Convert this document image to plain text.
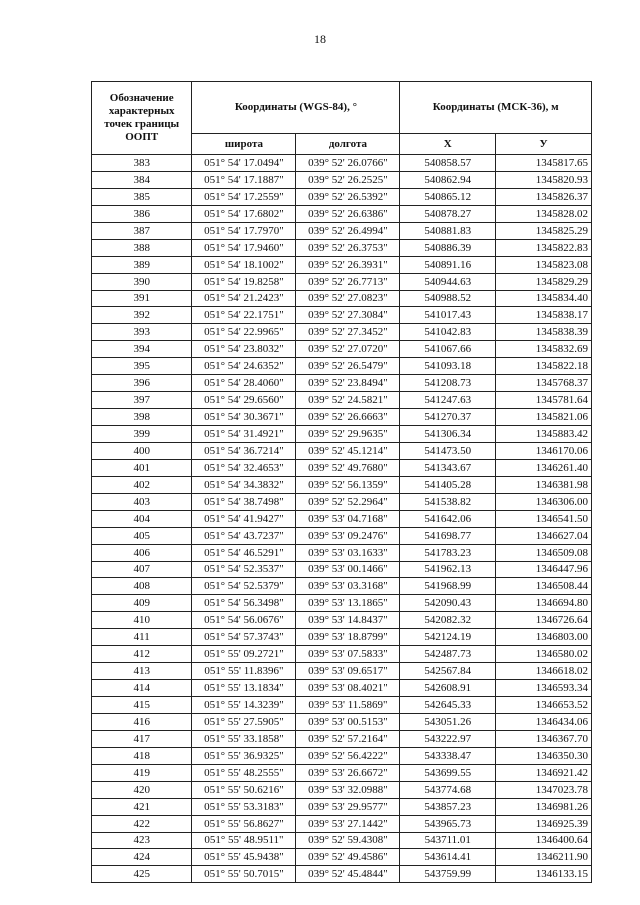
18
Обозначение характерных точек границы ООПТ	Координаты (WGS-84), °		Координаты (МСК-36), м	
	широта	долгота	X	У
383	051° 54' 17.0494"	039° 52' 26.0766"	540858.57	1345817.65
384	051° 54' 17.1887"	039° 52' 26.2525"	540862.94	1345820.93
385	051° 54' 17.2559"	039° 52' 26.5392"	540865.12	1345826.37
386	051° 54' 17.6802"	039° 52' 26.6386"	540878.27	1345828.02
387	051° 54' 17.7970"	039° 52' 26.4994"	540881.83	1345825.29
388	051° 54' 17.9460"	039° 52' 26.3753"	540886.39	1345822.83
389	051° 54' 18.1002"	039° 52' 26.3931"	540891.16	1345823.08
390	051° 54' 19.8258"	039° 52' 26.7713"	540944.63	1345829.29
391	051° 54' 21.2423"	039° 52' 27.0823"	540988.52	1345834.40
392	051° 54' 22.1751"	039° 52' 27.3084"	541017.43	1345838.17
393	051° 54' 22.9965"	039° 52' 27.3452"	541042.83	1345838.39
394	051° 54' 23.8032"	039° 52' 27.0720"	541067.66	1345832.69
395	051° 54' 24.6352"	039° 52' 26.5479"	541093.18	1345822.18
396	051° 54' 28.4060"	039° 52' 23.8494"	541208.73	1345768.37
397	051° 54' 29.6560"	039° 52' 24.5821"	541247.63	1345781.64
398	051° 54' 30.3671"	039° 52' 26.6663"	541270.37	1345821.06
399	051° 54' 31.4921"	039° 52' 29.9635"	541306.34	1345883.42
400	051° 54' 36.7214"	039° 52' 45.1214"	541473.50	1346170.06
401	051° 54' 32.4653"	039° 52' 49.7680"	541343.67	1346261.40
402	051° 54' 34.3832"	039° 52' 56.1359"	541405.28	1346381.98
403	051° 54' 38.7498"	039° 52' 52.2964"	541538.82	1346306.00
404	051° 54' 41.9427"	039° 53' 04.7168"	541642.06	1346541.50
405	051° 54' 43.7237"	039° 53' 09.2476"	541698.77	1346627.04
406	051° 54' 46.5291"	039° 53' 03.1633"	541783.23	1346509.08
407	051° 54' 52.3537"	039° 53' 00.1466"	541962.13	1346447.96
408	051° 54' 52.5379"	039° 53' 03.3168"	541968.99	1346508.44
409	051° 54' 56.3498"	039° 53' 13.1865"	542090.43	1346694.80
410	051° 54' 56.0676"	039° 53' 14.8437"	542082.32	1346726.64
411	051° 54' 57.3743"	039° 53' 18.8799"	542124.19	1346803.00
412	051° 55' 09.2721"	039° 53' 07.5833"	542487.73	1346580.02
413	051° 55' 11.8396"	039° 53' 09.6517"	542567.84	1346618.02
414	051° 55' 13.1834"	039° 53' 08.4021"	542608.91	1346593.34
415	051° 55' 14.3239"	039° 53' 11.5869"	542645.33	1346653.52
416	051° 55' 27.5905"	039° 53' 00.5153"	543051.26	1346434.06
417	051° 55' 33.1858"	039° 52' 57.2164"	543222.97	1346367.70
418	051° 55' 36.9325"	039° 52' 56.4222"	543338.47	1346350.30
419	051° 55' 48.2555"	039° 53' 26.6672"	543699.55	1346921.42
420	051° 55' 50.6216"	039° 53' 32.0988"	543774.68	1347023.78
421	051° 55' 53.3183"	039° 53' 29.9577"	543857.23	1346981.26
422	051° 55' 56.8627"	039° 53' 27.1442"	543965.73	1346925.39
423	051° 55' 48.9511"	039° 52' 59.4308"	543711.01	1346400.64
424	051° 55' 45.9438"	039° 52' 49.4586"	543614.41	1346211.90
425	051° 55' 50.7015"	039° 52' 45.4844"	543759.99	1346133.15
